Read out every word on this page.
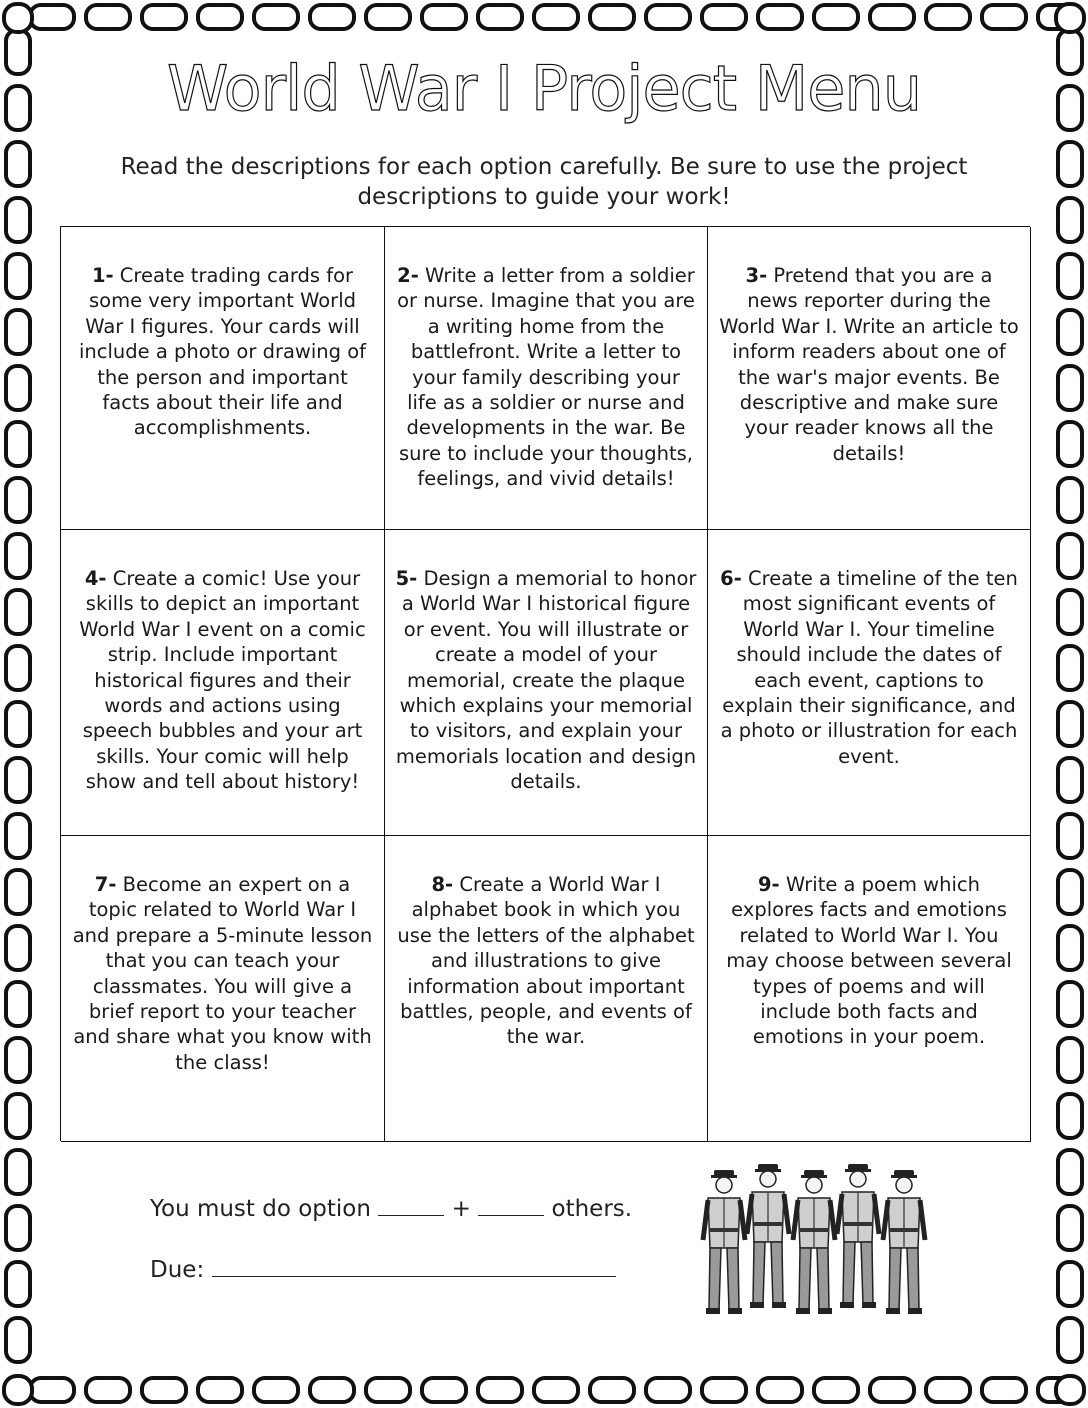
World War I Project Menu

Read the descriptions for each option carefully. Be sure to use the project descriptions to guide your work!

1- Create trading cards for some very important World War I figures. Your cards will include a photo or drawing of the person and important facts about their life and accomplishments.
2- Write a letter from a soldier or nurse. Imagine that you are a writing home from the battlefront. Write a letter to your family describing your life as a soldier or nurse and developments in the war. Be sure to include your thoughts, feelings, and vivid details!
3- Pretend that you are a news reporter during the World War I. Write an article to inform readers about one of the war's major events. Be descriptive and make sure your reader knows all the details!
4- Create a comic! Use your skills to depict an important World War I event on a comic strip. Include important historical figures and their words and actions using speech bubbles and your art skills. Your comic will help show and tell about history!
5- Design a memorial to honor a World War I historical figure or event. You will illustrate or create a model of your memorial, create the plaque which explains your memorial to visitors, and explain your memorials location and design details.
6- Create a timeline of the ten most significant events of World War I. Your timeline should include the dates of each event, captions to explain their significance, and a photo or illustration for each event.
7- Become an expert on a topic related to World War I and prepare a 5-minute lesson that you can teach your classmates. You will give a brief report to your teacher and share what you know with the class!
8- Create a World War I alphabet book in which you use the letters of the alphabet and illustrations to give information about important battles, people, and events of the war.
9- Write a poem which explores facts and emotions related to World War I. You may choose between several types of poems and will include both facts and emotions in your poem.
You must do option	+	others.
Due:
